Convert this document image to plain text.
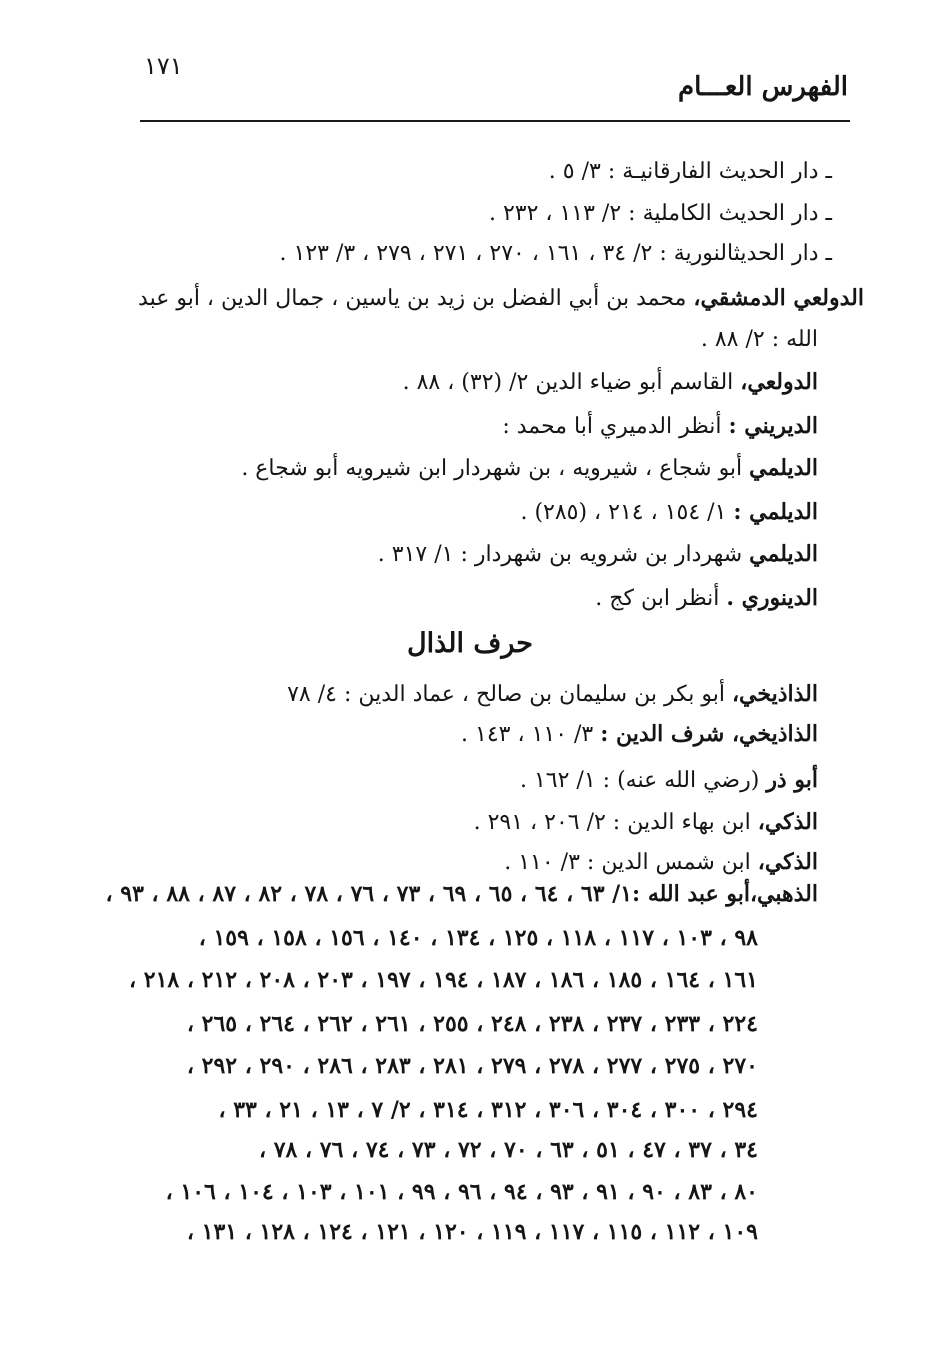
١٧١
الفهرس العـــام
ـ دار الحديث الفارقانيـة : ٣/ ٥ .
ـ دار الحديث الكاملية : ٢/ ١١٣ ، ٢٣٢ .
ـ دار الحديثالنورية : ٢/ ٣٤ ، ١٦١ ، ٢٧٠ ، ٢٧١ ، ٢٧٩ ، ٣/ ١٢٣ .
الدولعي الدمشقي، محمد بن أبي الفضل بن زيد بن ياسين ، جمال الدين ، أبو عبد
الله : ٢/ ٨٨ .
الدولعي، القاسم أبو ضياء الدين ٢/ (٣٢) ، ٨٨ .
الديريني : أنظر الدميري أبا محمد :
الديلمي أبو شجاع ، شيرويه ، بن شهردار ابن شيرويه أبو شجاع .
الديلمي : ١/ ١٥٤ ، ٢١٤ ، (٢٨٥) .
الديلمي شهردار بن شرويه بن شهردار : ١/ ٣١٧ .
الدينوري . أنظر ابن كج .
حرف الذال
الذاذيخي، أبو بكر بن سليمان بن صالح ، عماد الدين : ٤/ ٧٨
الذاذيخي، شرف الدين : ٣/ ١١٠ ، ١٤٣ .
أبو ذر (رضي الله عنه) : ١/ ١٦٢ .
الذكي، ابن بهاء الدين : ٢/ ٢٠٦ ، ٢٩١ .
الذكي، ابن شمس الدين : ٣/ ١١٠ .
الذهبي،أبو عبد الله :١/ ٦٣ ، ٦٤ ، ٦٥ ، ٦٩ ، ٧٣ ، ٧٦ ، ٧٨ ، ٨٢ ، ٨٧ ، ٨٨ ، ٩٣ ،
٩٨ ، ١٠٣ ، ١١٧ ، ١١٨ ، ١٢٥ ، ١٣٤ ، ١٤٠ ، ١٥٦ ، ١٥٨ ، ١٥٩ ،
١٦١ ، ١٦٤ ، ١٨٥ ، ١٨٦ ، ١٨٧ ، ١٩٤ ، ١٩٧ ، ٢٠٣ ، ٢٠٨ ، ٢١٢ ، ٢١٨ ،
٢٢٤ ، ٢٣٣ ، ٢٣٧ ، ٢٣٨ ، ٢٤٨ ، ٢٥٥ ، ٢٦١ ، ٢٦٢ ، ٢٦٤ ، ٢٦٥ ،
٢٧٠ ، ٢٧٥ ، ٢٧٧ ، ٢٧٨ ، ٢٧٩ ، ٢٨١ ، ٢٨٣ ، ٢٨٦ ، ٢٩٠ ، ٢٩٢ ،
٢٩٤ ، ٣٠٠ ، ٣٠٤ ، ٣٠٦ ، ٣١٢ ، ٣١٤ ، ٢/ ٧ ، ١٣ ، ٢١ ، ٣٣ ،
٣٤ ، ٣٧ ، ٤٧ ، ٥١ ، ٦٣ ، ٧٠ ، ٧٢ ، ٧٣ ، ٧٤ ، ٧٦ ، ٧٨ ،
٨٠ ، ٨٣ ، ٩٠ ، ٩١ ، ٩٣ ، ٩٤ ، ٩٦ ، ٩٩ ، ١٠١ ، ١٠٣ ، ١٠٤ ، ١٠٦ ،
١٠٩ ، ١١٢ ، ١١٥ ، ١١٧ ، ١١٩ ، ١٢٠ ، ١٢١ ، ١٢٤ ، ١٢٨ ، ١٣١ ،
